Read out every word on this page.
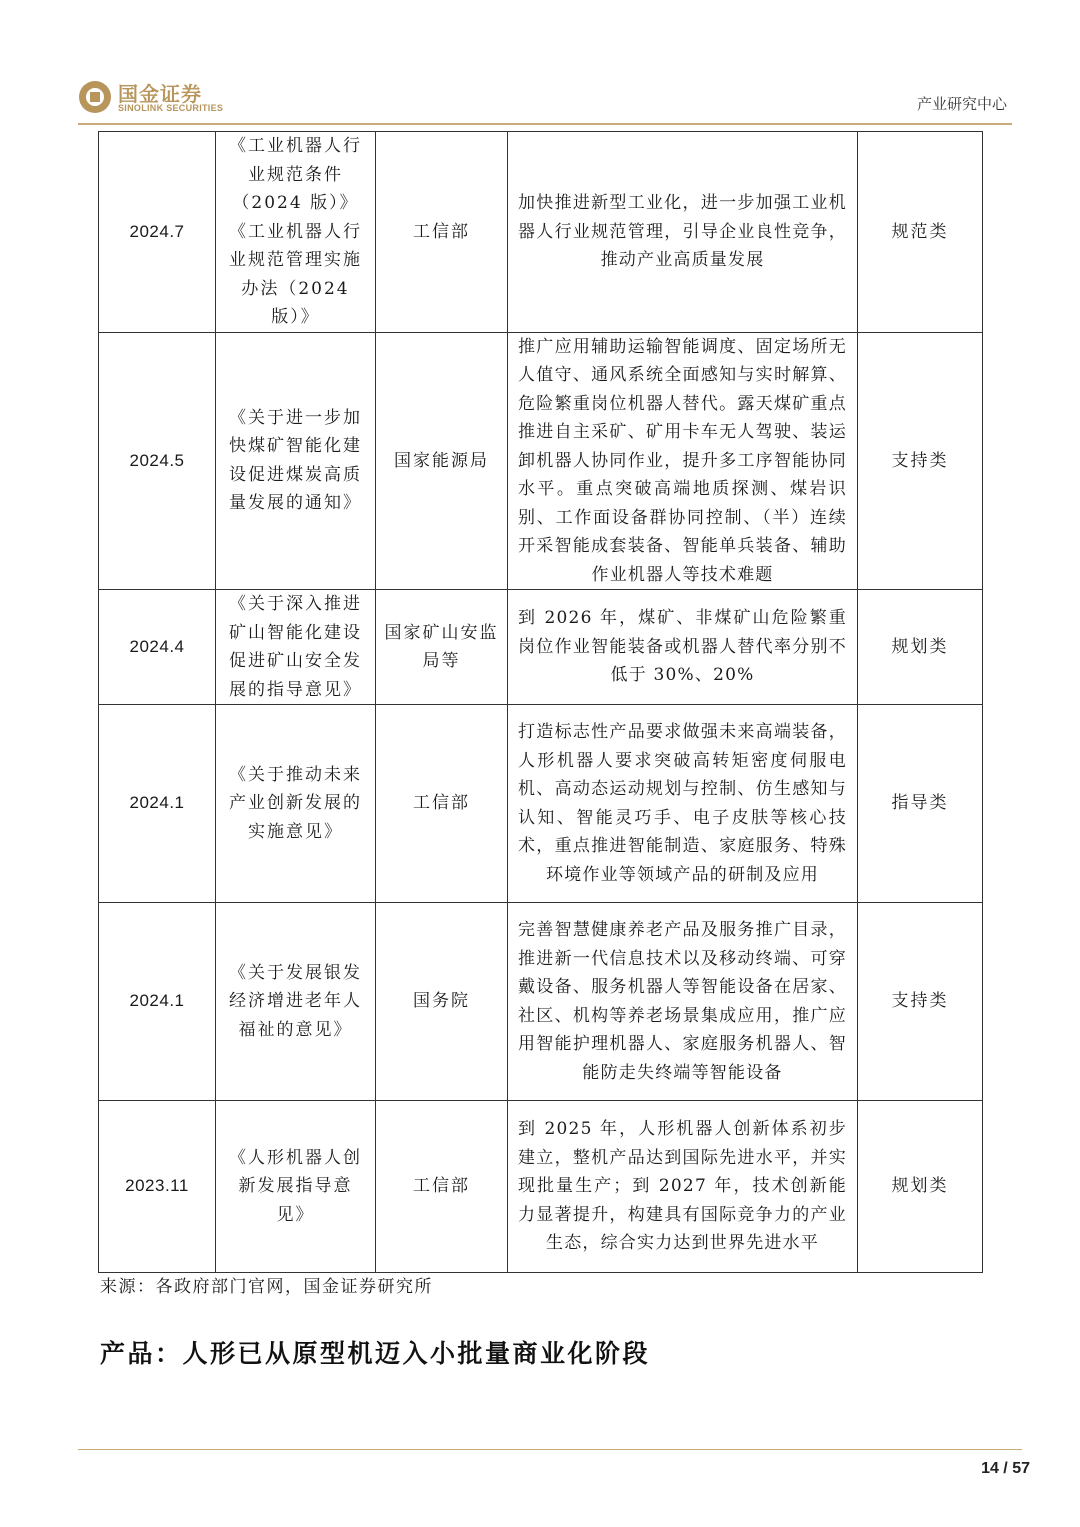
国金证券
SINOLINK SECURITIES	产业研究中心
2024.7	《工业机器人行业规范条件（2024 版）》《工业机器人行业规范管理实施办法（2024 版）》	工信部	加快推进新型工业化，进一步加强工业机器人行业规范管理，引导企业良性竞争，推动产业高质量发展	规范类
2024.5	《关于进一步加快煤矿智能化建设促进煤炭高质量发展的通知》	国家能源局	推广应用辅助运输智能调度、固定场所无人值守、通风系统全面感知与实时解算、危险繁重岗位机器人替代。露天煤矿重点推进自主采矿、矿用卡车无人驾驶、装运卸机器人协同作业，提升多工序智能协同水平。重点突破高端地质探测、煤岩识别、工作面设备群协同控制、（半）连续开采智能成套装备、智能单兵装备、辅助作业机器人等技术难题	支持类
2024.4	《关于深入推进矿山智能化建设促进矿山安全发展的指导意见》	国家矿山安监局等	到 2026 年，煤矿、非煤矿山危险繁重岗位作业智能装备或机器人替代率分别不低于 30%、20%	规划类
2024.1	《关于推动未来产业创新发展的实施意见》	工信部	打造标志性产品要求做强未来高端装备，人形机器人要求突破高转矩密度伺服电机、高动态运动规划与控制、仿生感知与认知、智能灵巧手、电子皮肤等核心技术，重点推进智能制造、家庭服务、特殊环境作业等领域产品的研制及应用	指导类
2024.1	《关于发展银发经济增进老年人福祉的意见》	国务院	完善智慧健康养老产品及服务推广目录，推进新一代信息技术以及移动终端、可穿戴设备、服务机器人等智能设备在居家、社区、机构等养老场景集成应用，推广应用智能护理机器人、家庭服务机器人、智能防走失终端等智能设备	支持类
2023.11	《人形机器人创新发展指导意见》	工信部	到 2025 年，人形机器人创新体系初步建立，整机产品达到国际先进水平，并实现批量生产；到 2027 年，技术创新能力显著提升，构建具有国际竞争力的产业生态，综合实力达到世界先进水平	规划类
来源：各政府部门官网，国金证券研究所
产品：人形已从原型机迈入小批量商业化阶段
14 / 57
